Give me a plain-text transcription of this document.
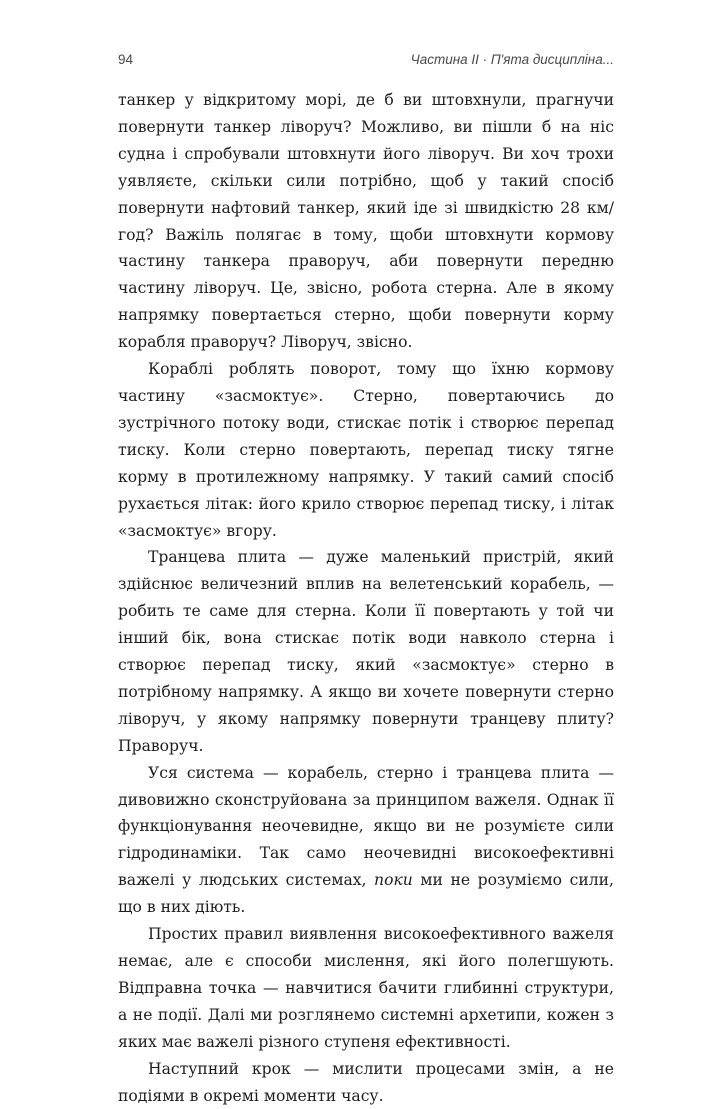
94	Частина II · П'ята дисципліна...

танкер у відкритому морі, де б ви штовхнули, прагнучи повернути танкер ліворуч? Можливо, ви пішли б на ніс судна і спробували штовхнути його ліворуч. Ви хоч трохи уявляєте, скільки сили потрібно, щоб у такий спосіб повернути нафтовий танкер, який іде зі швидкістю 28 км/год? Важіль полягає в тому, щоби штовхнути кормову частину танкера праворуч, аби повернути передню частину ліворуч. Це, звісно, робота стерна. Але в якому напрямку повертається стерно, щоби повернути корму корабля праворуч? Ліворуч, звісно.

Кораблі роблять поворот, тому що їхню кормову частину «засмоктує». Стерно, повертаючись до зустрічного потоку води, стискає потік і створює перепад тиску. Коли стерно повертають, перепад тиску тягне корму в протилежному напрямку. У такий самий спосіб рухається літак: його крило створює перепад тиску, і літак «засмоктує» вгору.

Транцева плита — дуже маленький пристрій, який здійснює величезний вплив на велетенський корабель, — робить те саме для стерна. Коли її повертають у той чи інший бік, вона стискає потік води навколо стерна і створює перепад тиску, який «засмоктує» стерно в потрібному напрямку. А якщо ви хочете повернути стерно ліворуч, у якому напрямку повернути транцеву плиту? Праворуч.

Уся система — корабель, стерно і транцева плита — дивовижно сконструйована за принципом важеля. Однак її функціонування неочевидне, якщо ви не розумієте сили гідродинаміки. Так само неочевидні високоефективні важелі у людських системах, поки ми не розуміємо сили, що в них діють.

Простих правил виявлення високоефективного важеля немає, але є способи мислення, які його полегшують. Відправна точка — навчитися бачити глибинні структури, а не події. Далі ми розглянемо системні архетипи, кожен з яких має важелі різного ступеня ефективності.

Наступний крок — мислити процесами змін, а не подіями в окремі моменти часу.
